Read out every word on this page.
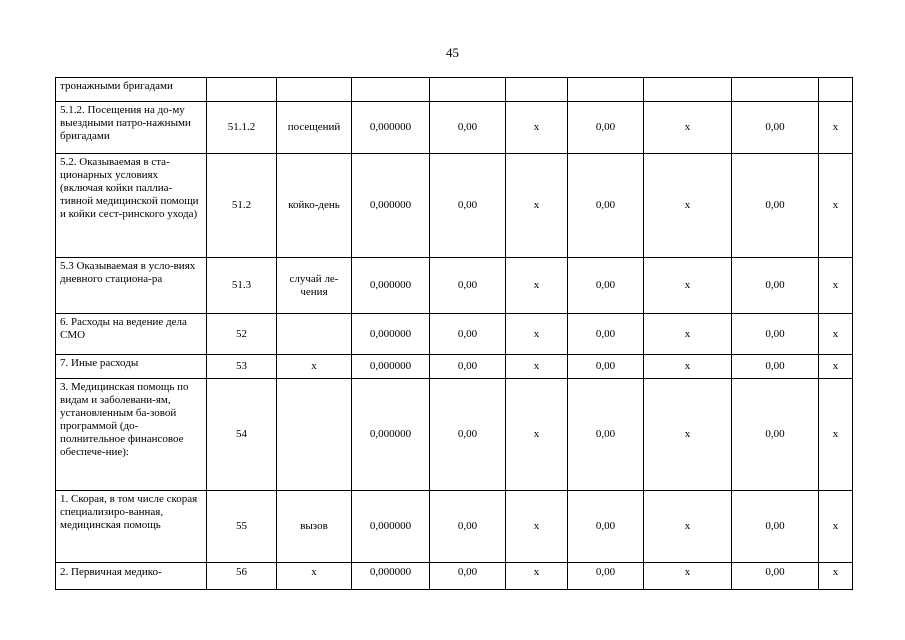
45
тронажными бригадами									
5.1.2. Посещения на до-му выездными патро-нажными бригадами	51.1.2	посещений	0,000000	0,00	х	0,00	х	0,00	х
5.2. Оказываемая в ста-ционарных условиях (включая койки паллиа-тивной медицинской помощи и койки сест-ринского ухода)	51.2	койко-день	0,000000	0,00	х	0,00	х	0,00	х
5.3 Оказываемая в усло-виях дневного стациона-ра	51.3	случай ле-чения	0,000000	0,00	х	0,00	х	0,00	х
6. Расходы на ведение дела СМО	52		0,000000	0,00	х	0,00	х	0,00	х
7. Иные расходы	53	х	0,000000	0,00	х	0,00	х	0,00	х
3. Медицинская помощь по видам и заболевани-ям, установленным ба-зовой программой (до-полнительное финансовое обеспече-ние):	54		0,000000	0,00	х	0,00	х	0,00	х
1. Скорая, в том числе скорая специализиро-ванная, медицинская помощь	55	вызов	0,000000	0,00	х	0,00	х	0,00	х
2. Первичная медико-	56	х	0,000000	0,00	х	0,00	х	0,00	х
